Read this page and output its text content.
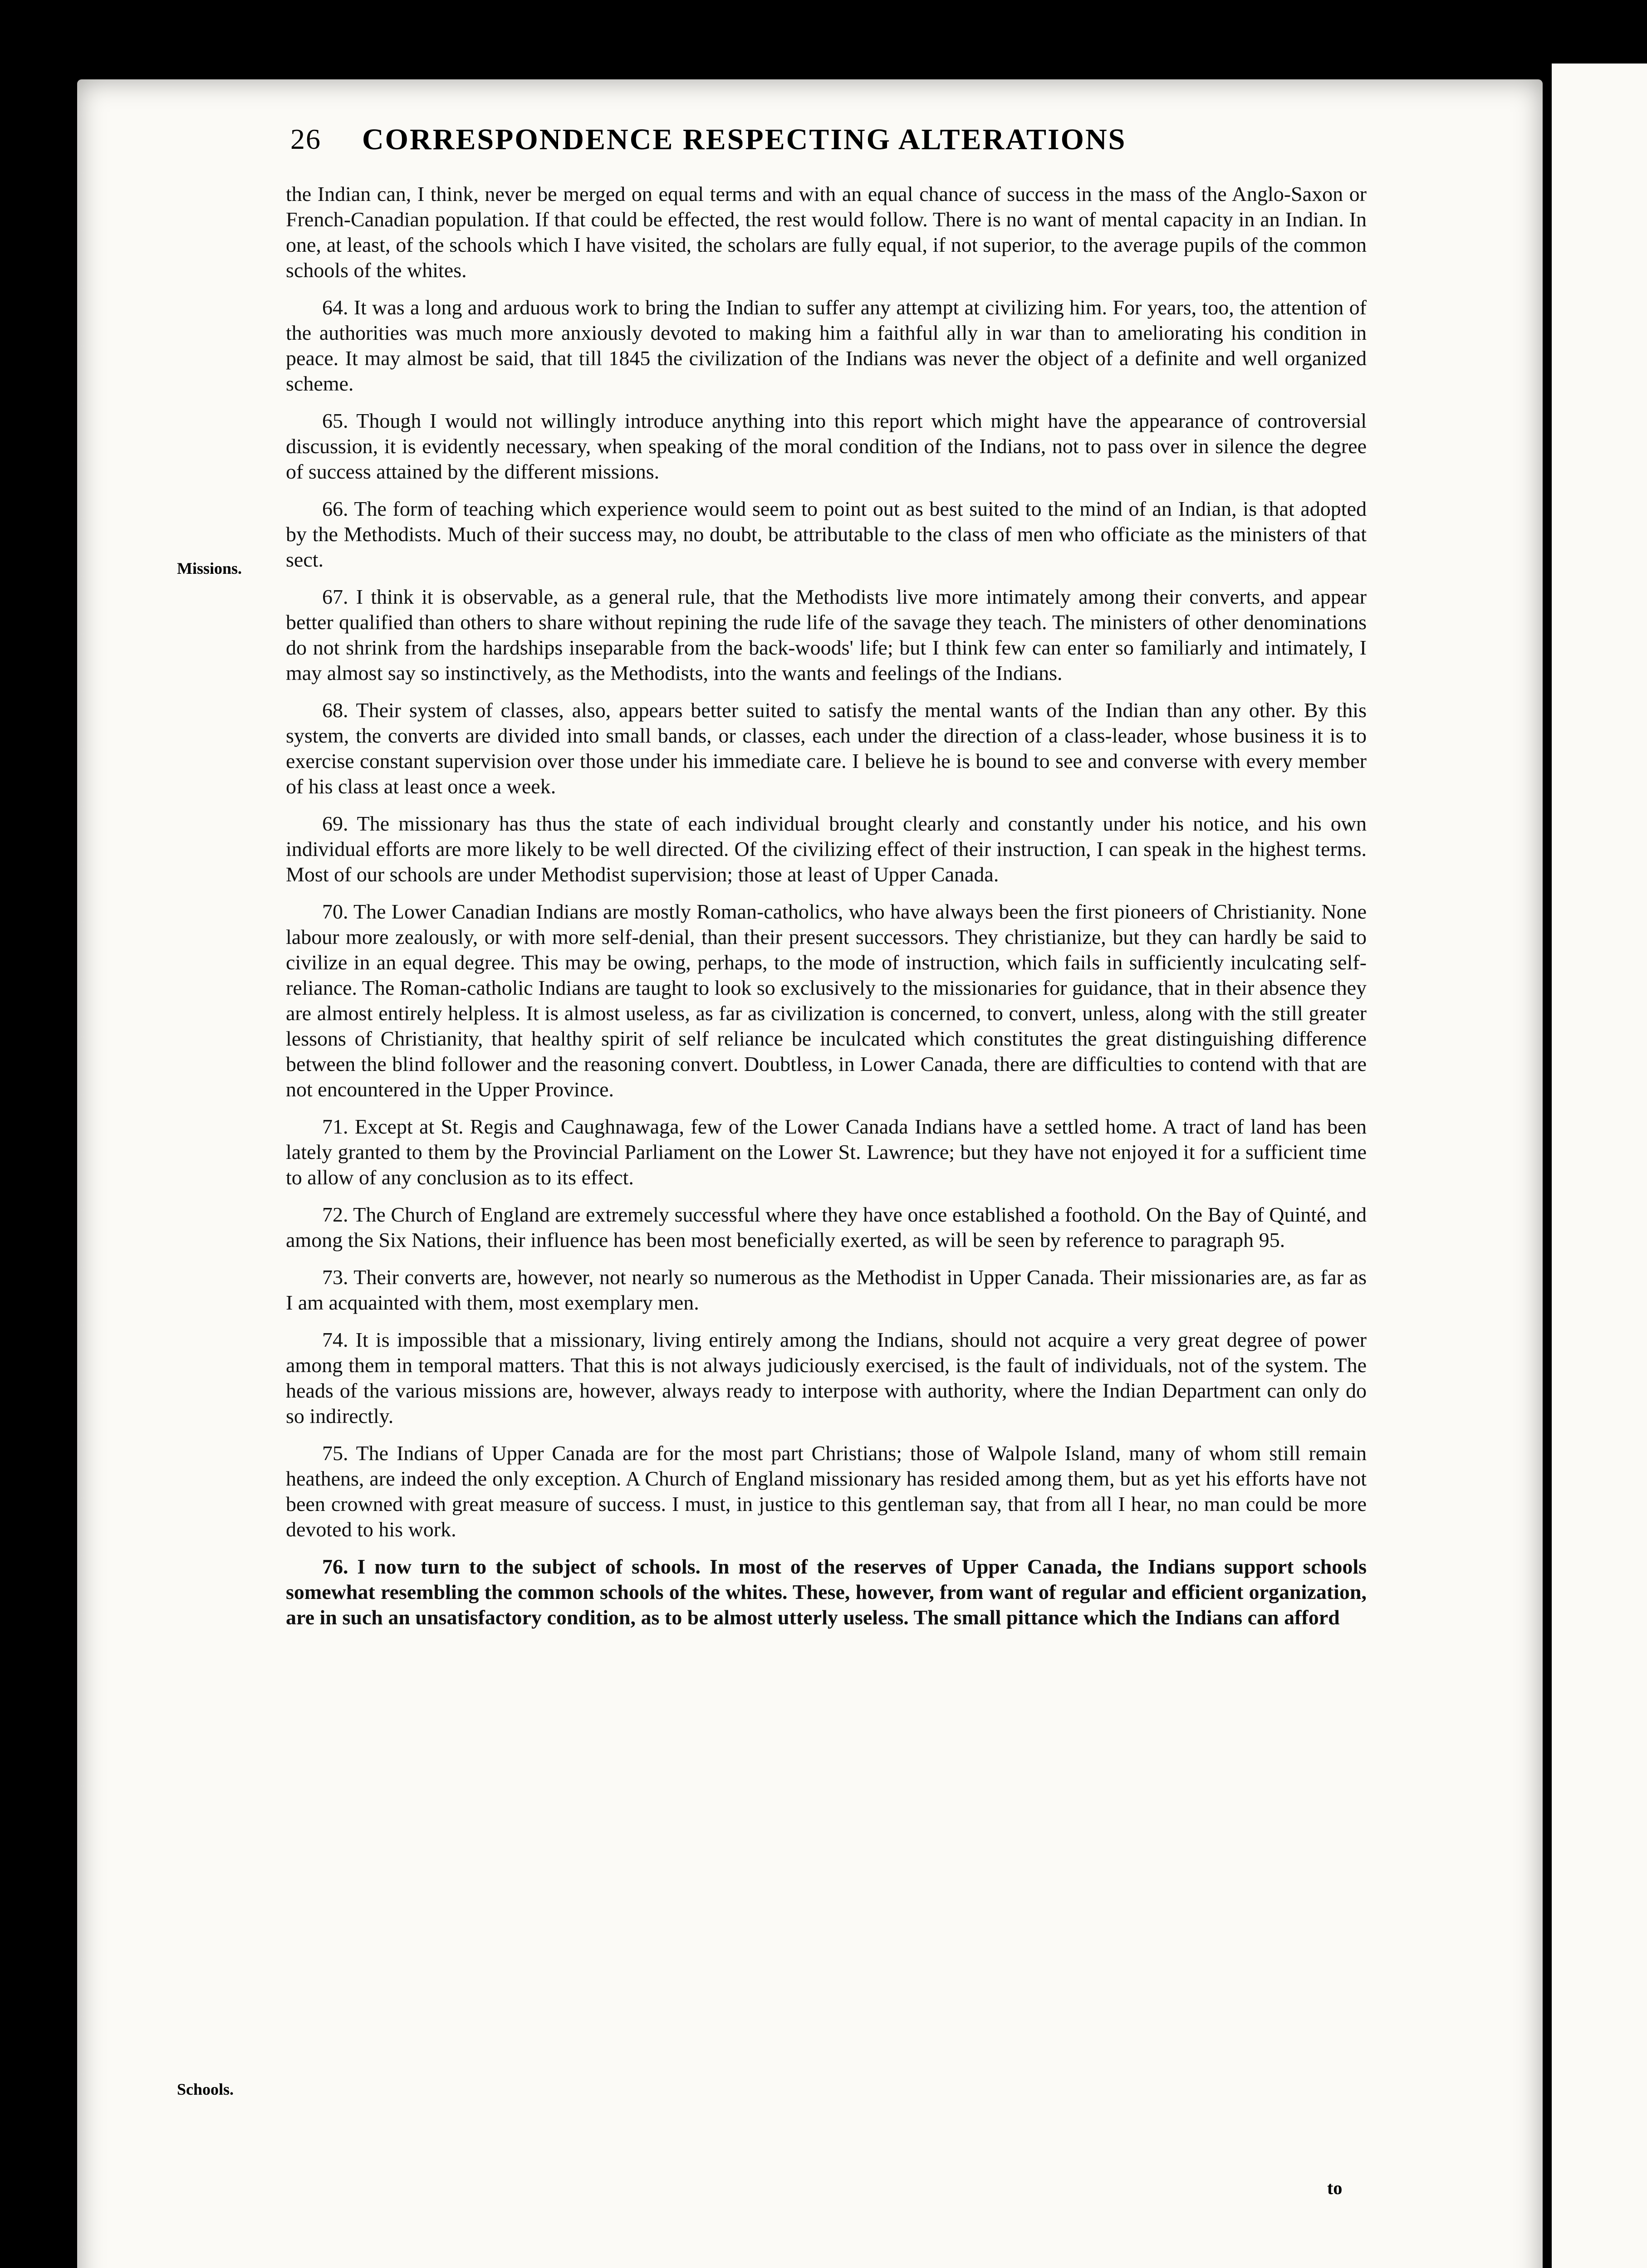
26 CORRESPONDENCE RESPECTING ALTERATIONS
Missions.
Schools.

the Indian can, I think, never be merged on equal terms and with an equal chance of success in the mass of the Anglo-Saxon or French-Canadian population. If that could be effected, the rest would follow. There is no want of mental capacity in an Indian. In one, at least, of the schools which I have visited, the scholars are fully equal, if not superior, to the average pupils of the common schools of the whites.

64. It was a long and arduous work to bring the Indian to suffer any attempt at civilizing him. For years, too, the attention of the authorities was much more anxiously devoted to making him a faithful ally in war than to ameliorating his condition in peace. It may almost be said, that till 1845 the civilization of the Indians was never the object of a definite and well organized scheme.

65. Though I would not willingly introduce anything into this report which might have the appearance of controversial discussion, it is evidently necessary, when speaking of the moral condition of the Indians, not to pass over in silence the degree of success attained by the different missions.

66. The form of teaching which experience would seem to point out as best suited to the mind of an Indian, is that adopted by the Methodists. Much of their success may, no doubt, be attributable to the class of men who officiate as the ministers of that sect.

67. I think it is observable, as a general rule, that the Methodists live more intimately among their converts, and appear better qualified than others to share without repining the rude life of the savage they teach. The ministers of other denominations do not shrink from the hardships inseparable from the back-woods' life; but I think few can enter so familiarly and intimately, I may almost say so instinctively, as the Methodists, into the wants and feelings of the Indians.

68. Their system of classes, also, appears better suited to satisfy the mental wants of the Indian than any other. By this system, the converts are divided into small bands, or classes, each under the direction of a class-leader, whose business it is to exercise constant supervision over those under his immediate care. I believe he is bound to see and converse with every member of his class at least once a week.

69. The missionary has thus the state of each individual brought clearly and constantly under his notice, and his own individual efforts are more likely to be well directed. Of the civilizing effect of their instruction, I can speak in the highest terms. Most of our schools are under Methodist supervision; those at least of Upper Canada.

70. The Lower Canadian Indians are mostly Roman-catholics, who have always been the first pioneers of Christianity. None labour more zealously, or with more self-denial, than their present successors. They christianize, but they can hardly be said to civilize in an equal degree. This may be owing, perhaps, to the mode of instruction, which fails in sufficiently inculcating self-reliance. The Roman-catholic Indians are taught to look so exclusively to the missionaries for guidance, that in their absence they are almost entirely helpless. It is almost useless, as far as civilization is concerned, to convert, unless, along with the still greater lessons of Christianity, that healthy spirit of self reliance be inculcated which constitutes the great distinguishing difference between the blind follower and the reasoning convert. Doubtless, in Lower Canada, there are difficulties to contend with that are not encountered in the Upper Province.

71. Except at St. Regis and Caughnawaga, few of the Lower Canada Indians have a settled home. A tract of land has been lately granted to them by the Provincial Parliament on the Lower St. Lawrence; but they have not enjoyed it for a sufficient time to allow of any conclusion as to its effect.

72. The Church of England are extremely successful where they have once established a foothold. On the Bay of Quinté, and among the Six Nations, their influence has been most beneficially exerted, as will be seen by reference to paragraph 95.

73. Their converts are, however, not nearly so numerous as the Methodist in Upper Canada. Their missionaries are, as far as I am acquainted with them, most exemplary men.

74. It is impossible that a missionary, living entirely among the Indians, should not acquire a very great degree of power among them in temporal matters. That this is not always judiciously exercised, is the fault of individuals, not of the system. The heads of the various missions are, however, always ready to interpose with authority, where the Indian Department can only do so indirectly.

75. The Indians of Upper Canada are for the most part Christians; those of Walpole Island, many of whom still remain heathens, are indeed the only exception. A Church of England missionary has resided among them, but as yet his efforts have not been crowned with great measure of success. I must, in justice to this gentleman say, that from all I hear, no man could be more devoted to his work.

76. I now turn to the subject of schools. In most of the reserves of Upper Canada, the Indians support schools somewhat resembling the common schools of the whites. These, however, from want of regular and efficient organization, are in such an unsatisfactory condition, as to be almost utterly useless. The small pittance which the Indians can afford

to
